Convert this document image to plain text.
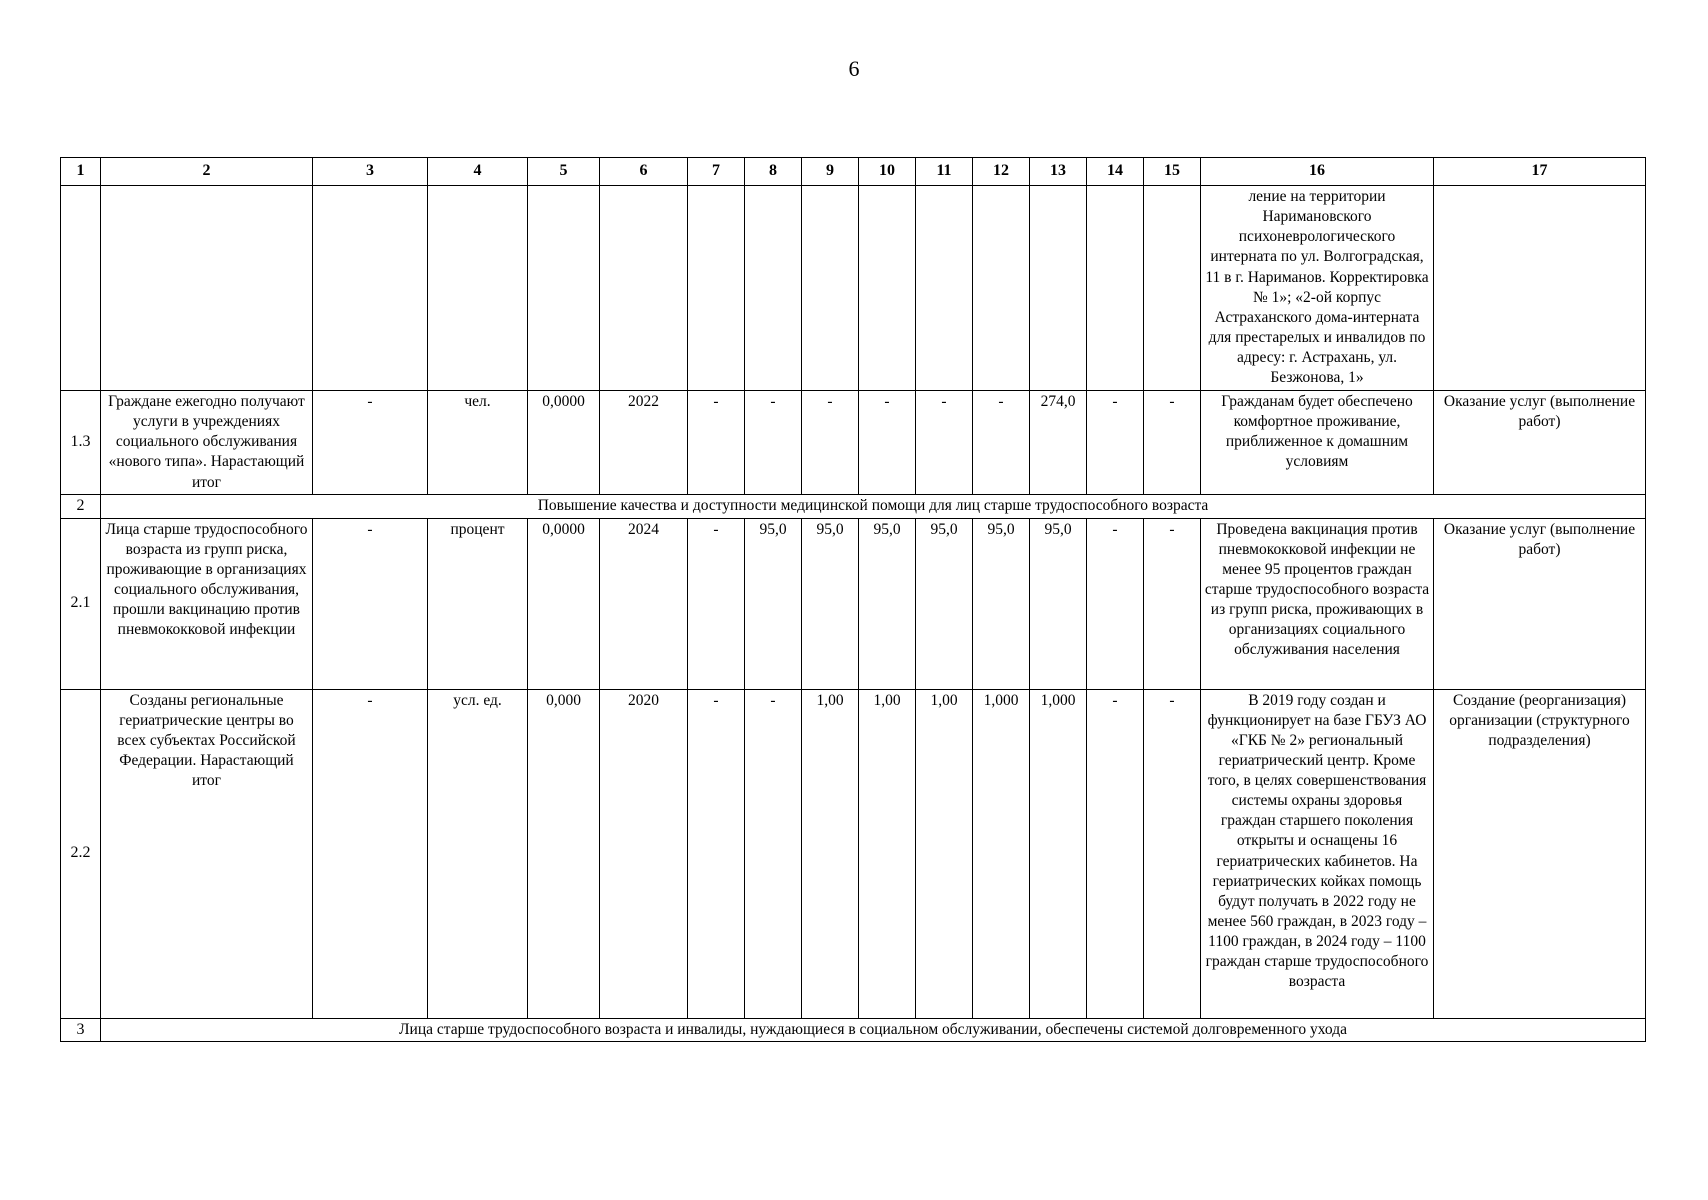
6
1	2	3	4	5	6	7	8	9	10	11	12	13	14	15	16	17
															ление на территории Наримановского психоневрологического интерната по ул. Волгоградская, 11 в г. Нариманов. Корректировка № 1»; «2-ой корпус Астраханского дома-интерната для престарелых и инвалидов по адресу: г. Астрахань, ул. Безжонова, 1»	
1.3	Граждане ежегодно получают услуги в учреждениях социального обслуживания «нового типа». Нарастающий итог	-	чел.	0,0000	2022	-	-	-	-	-	-	274,0	-	-	Гражданам будет обеспечено комфортное проживание, приближенное к домашним условиям	Оказание услуг (выполнение работ)
2	Повышение качества и доступности медицинской помощи для лиц старше трудоспособного возраста															
2.1	Лица старше трудоспособного возраста из групп риска, проживающие в организациях социального обслуживания, прошли вакцинацию против пневмококковой инфекции	-	процент	0,0000	2024	-	95,0	95,0	95,0	95,0	95,0	95,0	-	-	Проведена вакцинация против пневмококковой инфекции не менее 95 процентов граждан старше трудоспособного возраста из групп риска, проживающих в организациях социального обслуживания населения	Оказание услуг (выполнение работ)
2.2	Созданы региональные гериатрические центры во всех субъектах Российской Федерации. Нарастающий итог	-	усл. ед.	0,000	2020	-	-	1,00	1,00	1,00	1,000	1,000	-	-	В 2019 году создан и функционирует на базе ГБУЗ АО «ГКБ № 2» региональный гериатрический центр. Кроме того, в целях совершенствования системы охраны здоровья граждан старшего поколения открыты и оснащены 16 гериатрических кабинетов. На гериатрических койках помощь будут получать в 2022 году не менее 560 граждан, в 2023 году – 1100 граждан, в 2024 году – 1100 граждан старше трудоспособного возраста	Создание (реорганизация) организации (структурного подразделения)
3	Лица старше трудоспособного возраста и инвалиды, нуждающиеся в социальном обслуживании, обеспечены системой долговременного ухода															
